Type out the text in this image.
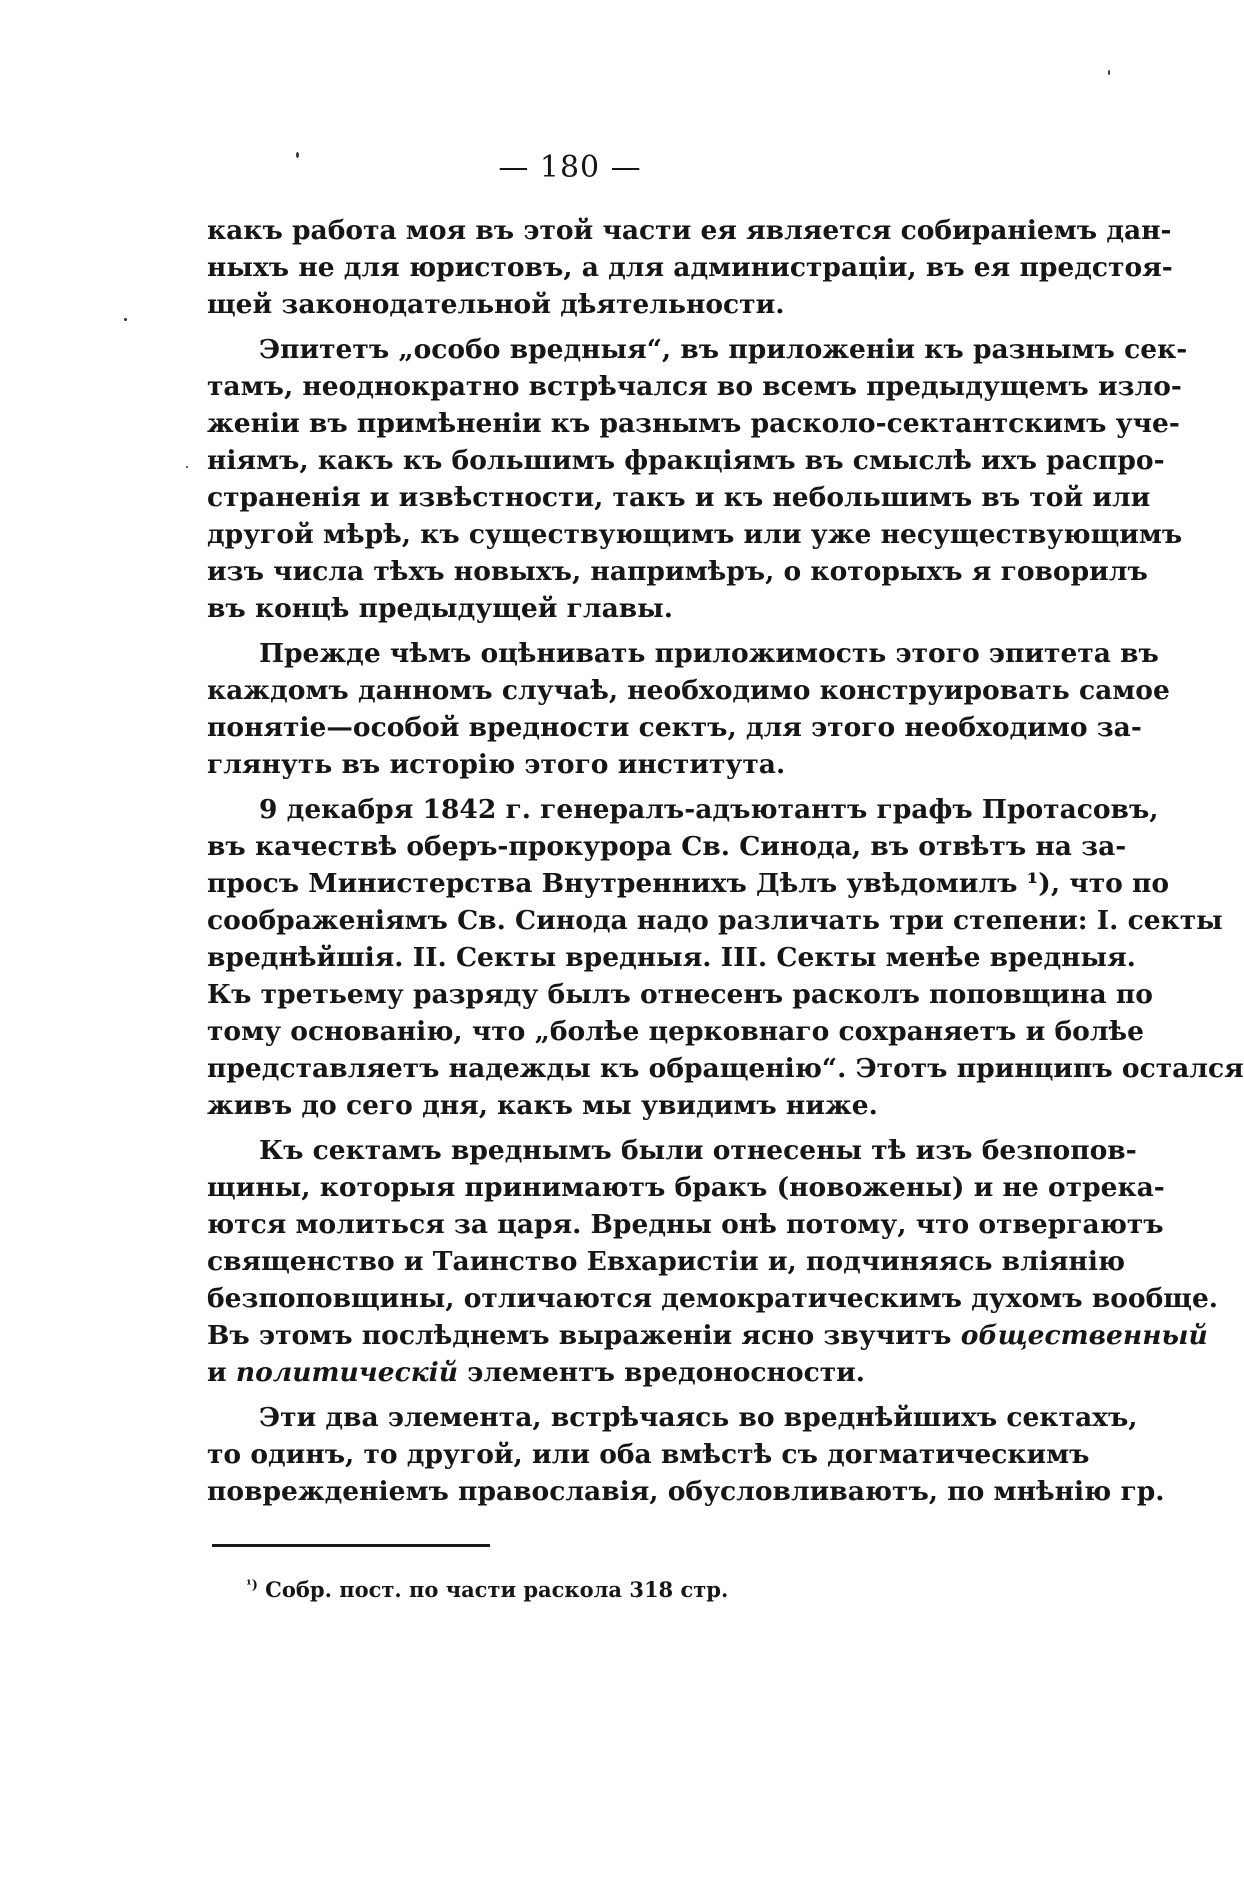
— 180 —
какъ работа моя въ этой части ея является собираніемъ дан-
ныхъ не для юристовъ, а для администраціи, въ ея предстоя-
щей законодательной дѣятельности.
Эпитетъ „особо вредныя“, въ приложеніи къ разнымъ сек-
тамъ, неоднократно встрѣчался во всемъ предыдущемъ изло-
женіи въ примѣненіи къ разнымъ расколо-сектантскимъ уче-
ніямъ, какъ къ большимъ фракціямъ въ смыслѣ ихъ распро-
страненія и извѣстности, такъ и къ небольшимъ въ той или
другой мѣрѣ, къ существующимъ или уже несуществующимъ
изъ числа тѣхъ новыхъ, напримѣръ, о которыхъ я говорилъ
въ концѣ предыдущей главы.
Прежде чѣмъ оцѣнивать приложимость этого эпитета въ
каждомъ данномъ случаѣ, необходимо конструировать самое
понятіе—особой вредности сектъ, для этого необходимо за-
глянуть въ исторію этого института.
9 декабря 1842 г. генералъ-адъютантъ графъ Протасовъ,
въ качествѣ оберъ-прокурора Св. Синода, въ отвѣтъ на за-
просъ Министерства Внутреннихъ Дѣлъ увѣдомилъ ¹), что по
соображеніямъ Св. Синода надо различать три степени: І. секты
вреднѣйшія. II. Секты вредныя. III. Секты менѣе вредныя.
Къ третьему разряду былъ отнесенъ расколъ поповщина по
тому основанію, что „болѣе церковнаго сохраняетъ и болѣе
представляетъ надежды къ обращенію“. Этотъ принципъ остался
живъ до сего дня, какъ мы увидимъ ниже.
Къ сектамъ вреднымъ были отнесены тѣ изъ безпопов-
щины, которыя принимаютъ бракъ (новожены) и не отрека-
ются молиться за царя. Вредны онѣ потому, что отвергаютъ
священство и Таинство Евхаристіи и, подчиняясь вліянію
безпоповщины, отличаются демократическимъ духомъ вообще.
Въ этомъ послѣднемъ выраженіи ясно звучитъ общественный
и политическій элементъ вредоносности.
Эти два элемента, встрѣчаясь во вреднѣйшихъ сектахъ,
то одинъ, то другой, или оба вмѣстѣ съ догматическимъ
поврежденіемъ православія, обусловливаютъ, по мнѣнію гр.
$^{^1)}$ Собр. пост. по части раскола 318 стр.
